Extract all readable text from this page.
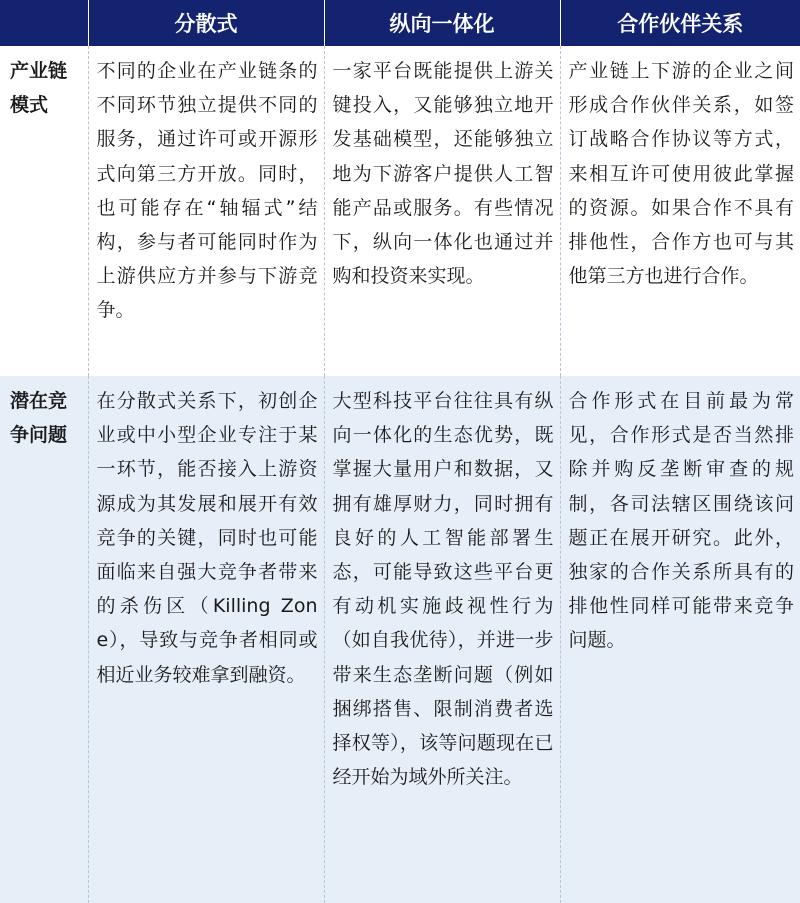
	分散式	纵向一体化	合作伙伴关系
产业链模式	不同的企业在产业链条的不同环节独立提供不同的服务，通过许可或开源形式向第三方开放。同时，也可能存在“轴辐式”结构，参与者可能同时作为上游供应方并参与下游竞争。	一家平台既能提供上游关键投入，又能够独立地开发基础模型，还能够独立地为下游客户提供人工智能产品或服务。有些情况下，纵向一体化也通过并购和投资来实现。	产业链上下游的企业之间形成合作伙伴关系，如签订战略合作协议等方式，来相互许可使用彼此掌握的资源。如果合作不具有排他性，合作方也可与其他第三方也进行合作。
潜在竞争问题	在分散式关系下，初创企业或中小型企业专注于某一环节，能否接入上游资源成为其发展和展开有效竞争的关键，同时也可能面临来自强大竞争者带来的杀伤区（Killing Zone），导致与竞争者相同或相近业务较难拿到融资。	大型科技平台往往具有纵向一体化的生态优势，既掌握大量用户和数据，又拥有雄厚财力，同时拥有良好的人工智能部署生态，可能导致这些平台更有动机实施歧视性行为（如自我优待），并进一步带来生态垄断问题（例如捆绑搭售、限制消费者选择权等），该等问题现在已经开始为域外所关注。	合作形式在目前最为常见，合作形式是否当然排除并购反垄断审查的规制，各司法辖区围绕该问题正在展开研究。此外，独家的合作关系所具有的排他性同样可能带来竞争问题。
